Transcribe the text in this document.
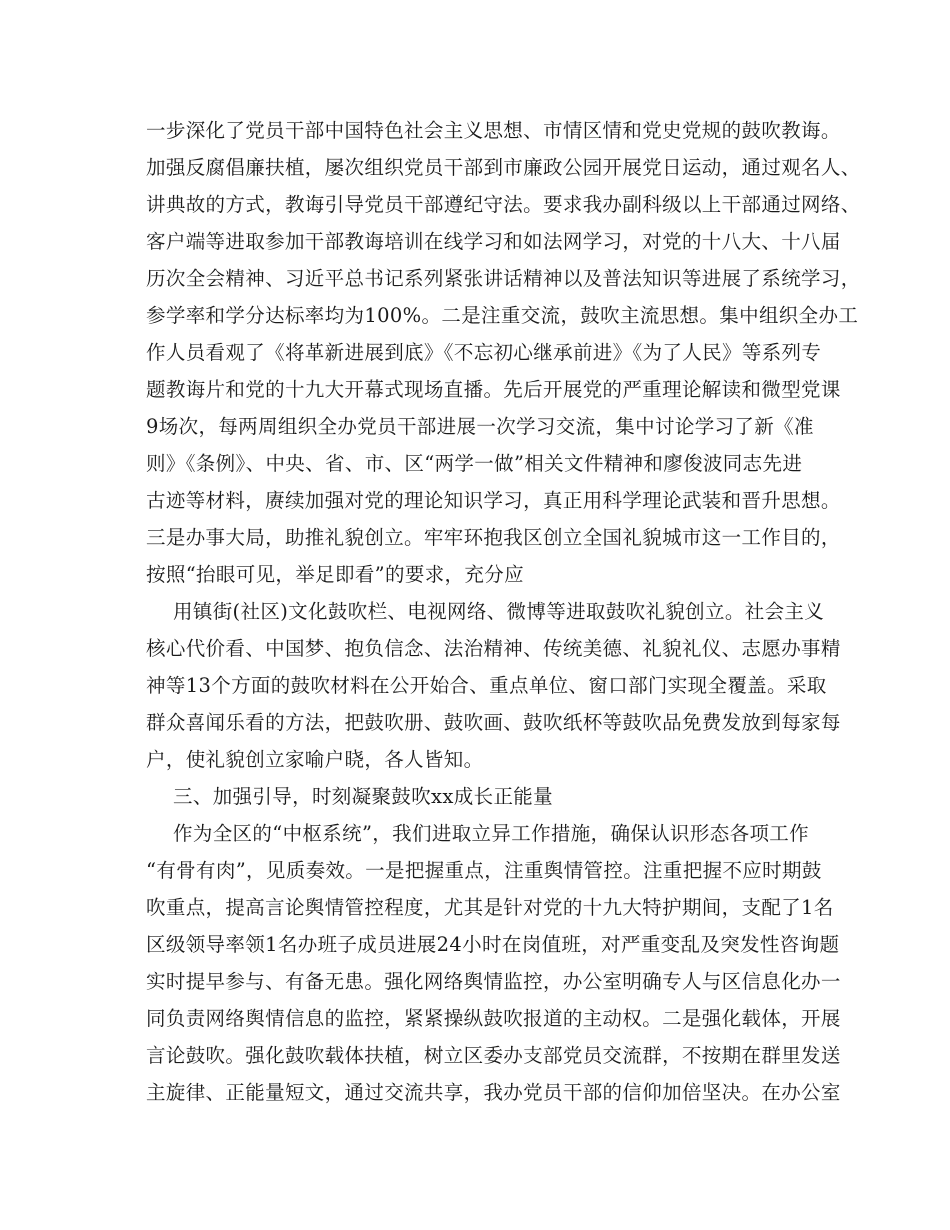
一步深化了党员干部中国特色社会主义思想、市情区情和党史党规的鼓吹教诲。
加强反腐倡廉扶植，屡次组织党员干部到市廉政公园开展党日运动，通过观名人、
讲典故的方式，教诲引导党员干部遵纪守法。要求我办副科级以上干部通过网络、
客户端等进取参加干部教诲培训在线学习和如法网学习，对党的十八大、十八届
历次全会精神、习近平总书记系列紧张讲话精神以及普法知识等进展了系统学习，
参学率和学分达标率均为100%。二是注重交流，鼓吹主流思想。集中组织全办工
作人员看观了《将革新进展到底》《不忘初心继承前进》《为了人民》等系列专
题教诲片和党的十九大开幕式现场直播。先后开展党的严重理论解读和微型党课
9场次，每两周组织全办党员干部进展一次学习交流，集中讨论学习了新《准
则》《条例》、中央、省、市、区“两学一做”相关文件精神和廖俊波同志先进
古迹等材料，赓续加强对党的理论知识学习，真正用科学理论武装和晋升思想。
三是办事大局，助推礼貌创立。牢牢环抱我区创立全国礼貌城市这一工作目的，
按照“抬眼可见，举足即看”的要求，充分应
用镇街(社区)文化鼓吹栏、电视网络、微博等进取鼓吹礼貌创立。社会主义
核心代价看、中国梦、抱负信念、法治精神、传统美德、礼貌礼仪、志愿办事精
神等13个方面的鼓吹材料在公开始合、重点单位、窗口部门实现全覆盖。采取
群众喜闻乐看的方法，把鼓吹册、鼓吹画、鼓吹纸杯等鼓吹品免费发放到每家每
户，使礼貌创立家喻户晓，各人皆知。
三、加强引导，时刻凝聚鼓吹xx成长正能量
作为全区的“中枢系统”，我们进取立异工作措施，确保认识形态各项工作
“有骨有肉”，见质奏效。一是把握重点，注重舆情管控。注重把握不应时期鼓
吹重点，提高言论舆情管控程度，尤其是针对党的十九大特护期间，支配了1名
区级领导率领1名办班子成员进展24小时在岗值班，对严重变乱及突发性咨询题
实时提早参与、有备无患。强化网络舆情监控，办公室明确专人与区信息化办一
同负责网络舆情信息的监控，紧紧操纵鼓吹报道的主动权。二是强化载体，开展
言论鼓吹。强化鼓吹载体扶植，树立区委办支部党员交流群，不按期在群里发送
主旋律、正能量短文，通过交流共享，我办党员干部的信仰加倍坚决。在办公室
